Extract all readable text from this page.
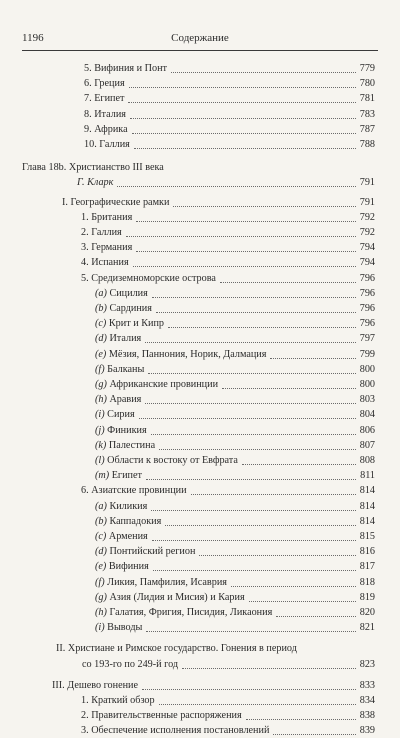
1196	Содержание
5. Вифиния и Понт	779
6. Греция	780
7. Египет	781
8. Италия	783
9. Африка	787
10. Галлия	788
Глава 18b. Христианство III века
Г. Кларк	791
I. Географические рамки	791
1. Британия	792
2. Галлия	792
3. Германия	794
4. Испания	794
5. Средиземноморские острова	796
(a) Сицилия	796
(b) Сардиния	796
(c) Крит и Кипр	796
(d) Италия	797
(e) Мёзия, Паннония, Норик, Далмация	799
(f) Балканы	800
(g) Африканские провинции	800
(h) Аравия	803
(i) Сирия	804
(j) Финикия	806
(k) Палестина	807
(l) Области к востоку от Евфрата	808
(m) Египет	811
6. Азиатские провинции	814
(a) Киликия	814
(b) Каппадокия	814
(c) Армения	815
(d) Понтийский регион	816
(e) Вифиния	817
(f) Ликия, Памфилия, Исаврия	818
(g) Азия (Лидия и Мисия) и Кария	819
(h) Галатия, Фригия, Писидия, Ликаония	820
(i) Выводы	821
II. Христиане и Римское государство. Гонения в период
со 193-го по 249-й год	823
III. Дешево гонение	833
1. Краткий обзор	834
2. Правительственные распоряжения	838
3. Обеспечение исполнения постановлений	839
